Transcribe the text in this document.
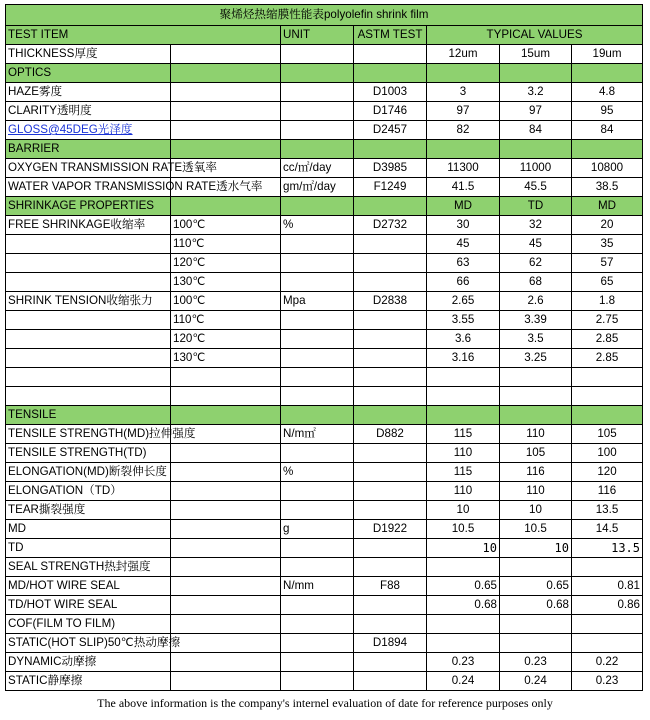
聚烯烃热缩膜性能表polyolefin shrink film						
TEST ITEM		UNIT	ASTM TEST	TYPICAL VALUES		
THICKNESS厚度				12um	15um	19um
OPTICS						
HAZE雾度			D1003	3	3.2	4.8
CLARITY透明度			D1746	97	97	95
GLOSS@45DEG光泽度			D2457	82	84	84
BARRIER						
OXYGEN TRANSMISSION RATE透氧率		cc/㎡/day	D3985	11300	11000	10800
WATER VAPOR TRANSMISSION RATE透水气率		gm/㎡/day	F1249	41.5	45.5	38.5
SHRINKAGE PROPERTIES				MD	TD	MD
FREE SHRINKAGE收缩率	100℃	%	D2732	30	32	20
	110℃			45	45	35
	120℃			63	62	57
	130℃			66	68	65
SHRINK TENSION收缩张力	100℃	Mpa	D2838	2.65	2.6	1.8
	110℃			3.55	3.39	2.75
	120℃			3.6	3.5	2.85
	130℃			3.16	3.25	2.85

TENSILE						
TENSILE STRENGTH(MD)拉伸强度		N/m㎡	D882	115	110	105
TENSILE STRENGTH(TD)				110	105	100
ELONGATION(MD)断裂伸长度		%		115	116	120
ELONGATION（TD）				110	110	116
TEAR撕裂强度				10	10	13.5
MD		g	D1922	10.5	10.5	14.5
TD				10	10	13.5
SEAL STRENGTH热封强度						
MD/HOT WIRE SEAL		N/mm	F88	0.65	0.65	0.81
TD/HOT WIRE SEAL				0.68	0.68	0.86
COF(FILM TO FILM)						
STATIC(HOT SLIP)50℃热动摩擦			D1894			
DYNAMIC动摩擦				0.23	0.23	0.22
STATIC静摩擦				0.24	0.24	0.23
The above information is the company's internel evaluation of date for reference purposes only
